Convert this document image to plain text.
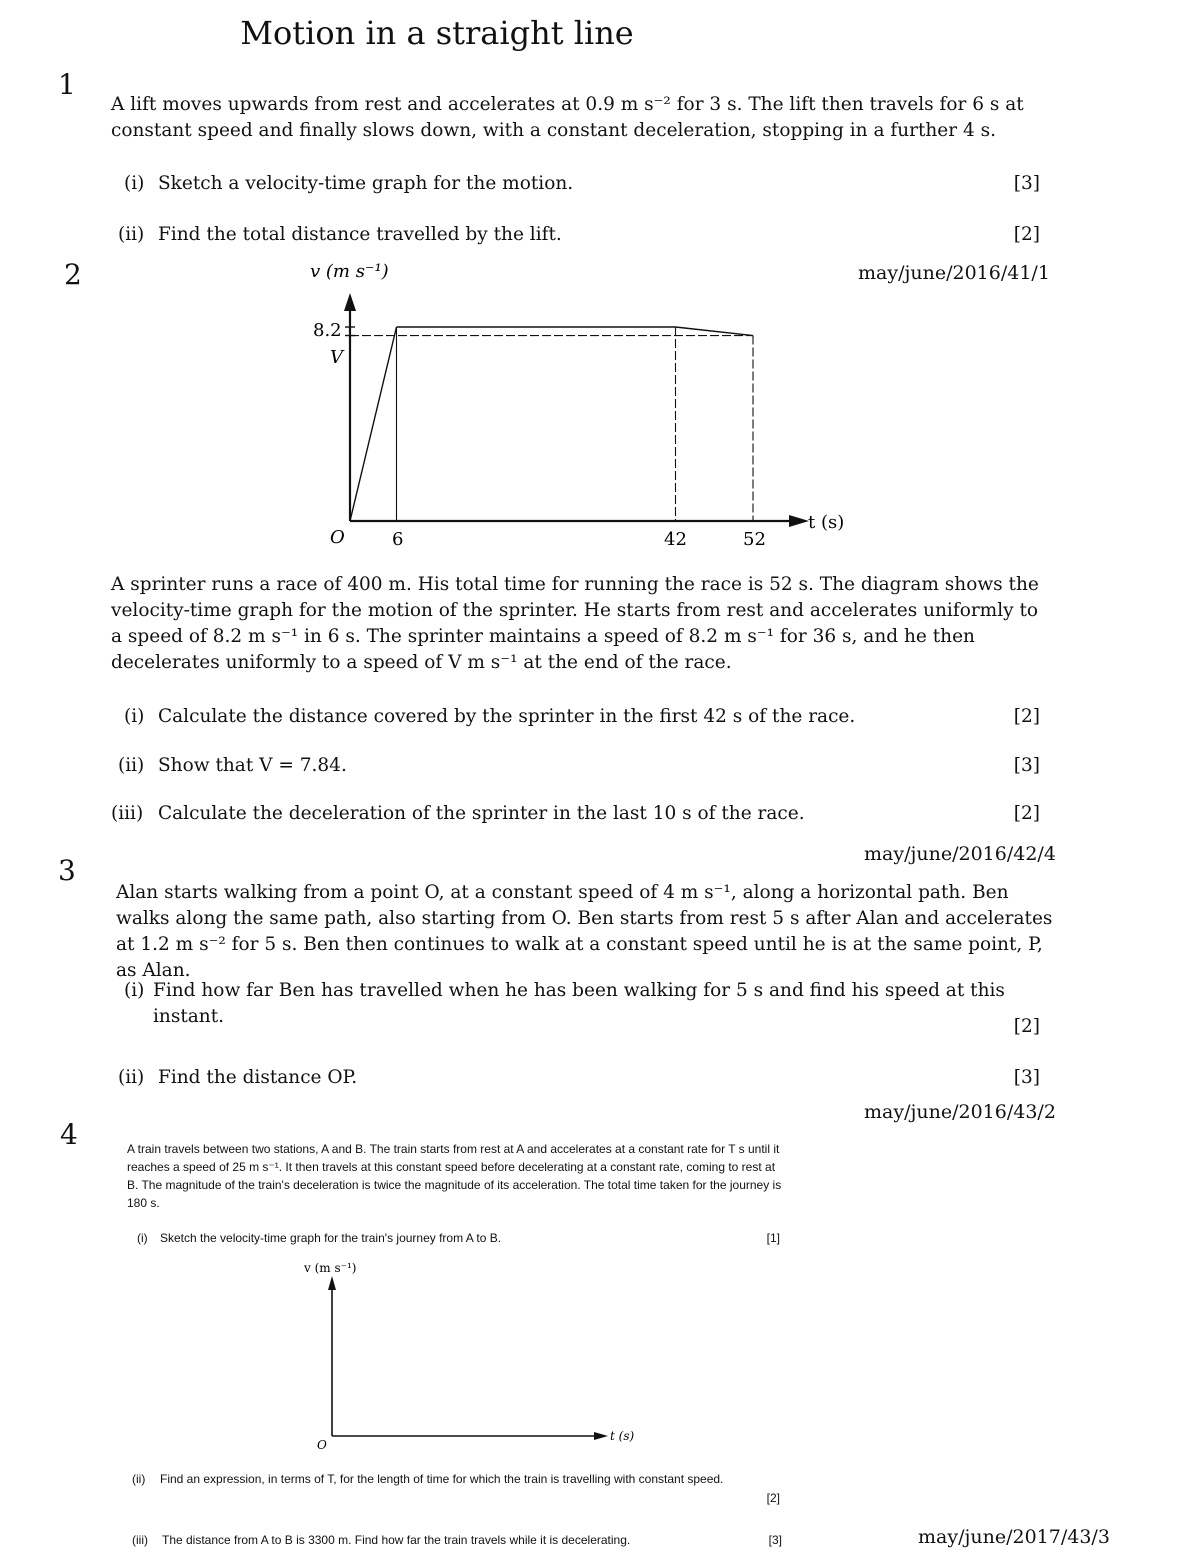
Motion in a straight line
1
A lift moves upwards from rest and accelerates at 0.9 m s⁻² for 3 s. The lift then travels for 6 s at constant speed and finally slows down, with a constant deceleration, stopping in a further 4 s.
(i) Sketch a velocity-time graph for the motion.	[3]
(ii) Find the total distance travelled by the lift.	[2]
may/june/2016/41/1
2	v (m s⁻¹)
t (s)
O
8.2
V
6	42	52
A sprinter runs a race of 400 m. His total time for running the race is 52 s. The diagram shows the velocity-time graph for the motion of the sprinter. He starts from rest and accelerates uniformly to a speed of 8.2 m s⁻¹ in 6 s. The sprinter maintains a speed of 8.2 m s⁻¹ for 36 s, and he then decelerates uniformly to a speed of V m s⁻¹ at the end of the race.
(i) Calculate the distance covered by the sprinter in the first 42 s of the race.	[2]
(ii) Show that V = 7.84.	[3]
(iii) Calculate the deceleration of the sprinter in the last 10 s of the race.	[2]
may/june/2016/42/4
3
Alan starts walking from a point O, at a constant speed of 4 m s⁻¹, along a horizontal path. Ben walks along the same path, also starting from O. Ben starts from rest 5 s after Alan and accelerates at 1.2 m s⁻² for 5 s. Ben then continues to walk at a constant speed until he is at the same point, P, as Alan.
(i) Find how far Ben has travelled when he has been walking for 5 s and find his speed at this instant.	[2]
(ii) Find the distance OP.	[3]
may/june/2016/43/2
4	A train travels between two stations, A and B. The train starts from rest at A and accelerates at a constant rate for T s until it reaches a speed of 25 m s⁻¹. It then travels at this constant speed before decelerating at a constant rate, coming to rest at B. The magnitude of the train's deceleration is twice the magnitude of its acceleration. The total time taken for the journey is 180 s.
(i) Sketch the velocity-time graph for the train's journey from A to B.	[1]
v (m s⁻¹)
t (s)
O
(ii) Find an expression, in terms of T, for the length of time for which the train is travelling with constant speed.
[2]
(iii) The distance from A to B is 3300 m. Find how far the train travels while it is decelerating.	[3]	may/june/2017/43/3
